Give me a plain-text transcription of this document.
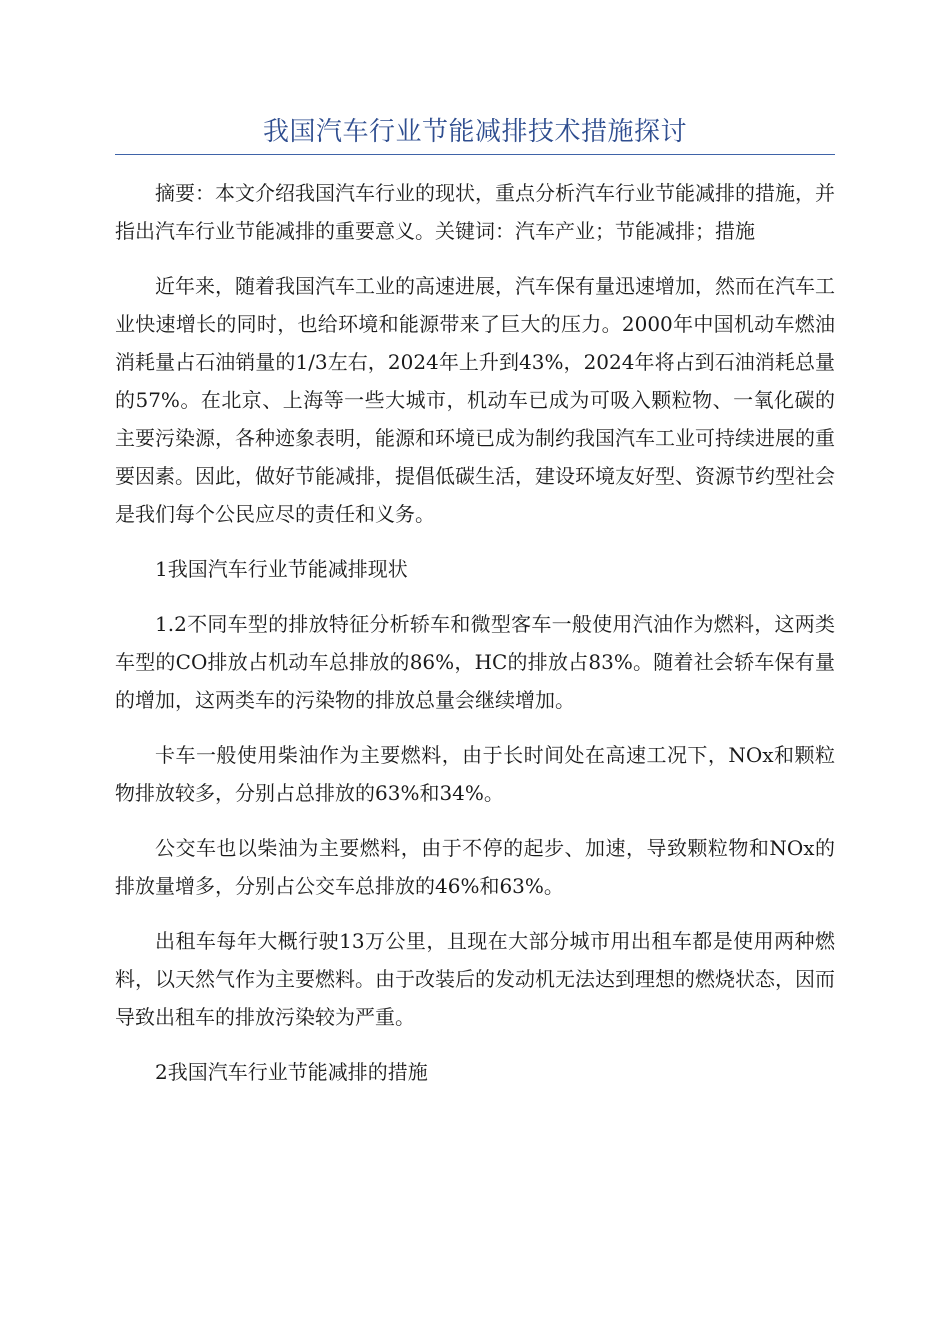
我国汽车行业节能减排技术措施探讨

摘要：本文介绍我国汽车行业的现状，重点分析汽车行业节能减排的措施，并指出汽车行业节能减排的重要意义。关键词：汽车产业；节能减排；措施

近年来，随着我国汽车工业的高速进展，汽车保有量迅速增加，然而在汽车工业快速增长的同时，也给环境和能源带来了巨大的压力。2000年中国机动车燃油消耗量占石油销量的1/3左右，2024年上升到43%，2024年将占到石油消耗总量的57%。在北京、上海等一些大城市，机动车已成为可吸入颗粒物、一氧化碳的主要污染源，各种迹象表明，能源和环境已成为制约我国汽车工业可持续进展的重要因素。因此，做好节能减排，提倡低碳生活，建设环境友好型、资源节约型社会是我们每个公民应尽的责任和义务。

1我国汽车行业节能减排现状

1.2不同车型的排放特征分析轿车和微型客车一般使用汽油作为燃料，这两类车型的CO排放占机动车总排放的86%，HC的排放占83%。随着社会轿车保有量的增加，这两类车的污染物的排放总量会继续增加。

卡车一般使用柴油作为主要燃料，由于长时间处在高速工况下，NOx和颗粒物排放较多，分别占总排放的63%和34%。

公交车也以柴油为主要燃料，由于不停的起步、加速，导致颗粒物和NOx的排放量增多，分别占公交车总排放的46%和63%。

出租车每年大概行驶13万公里，且现在大部分城市用出租车都是使用两种燃料，以天然气作为主要燃料。由于改装后的发动机无法达到理想的燃烧状态，因而导致出租车的排放污染较为严重。

2我国汽车行业节能减排的措施
